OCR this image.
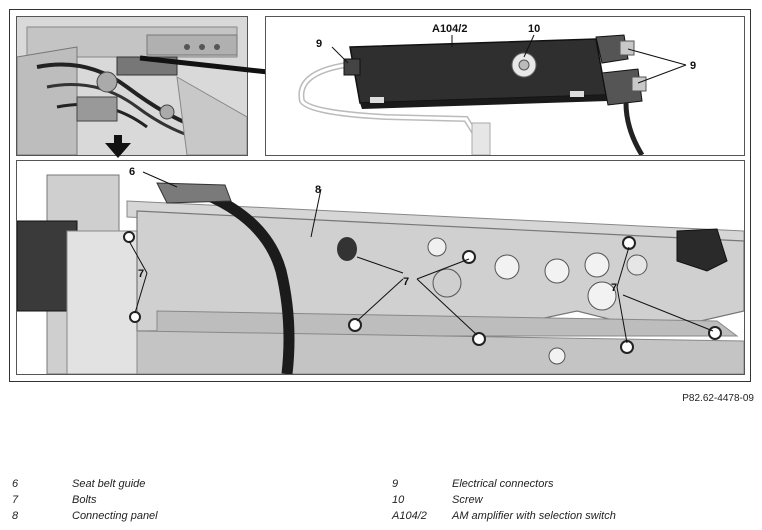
9
A104/2	10
9
6
8
7
7	7
P82.62-4478-09
6	Seat belt guide
7	Bolts
8	Connecting panel
9	Electrical connectors
10	Screw
A104/2 AM amplifier with selection switch
